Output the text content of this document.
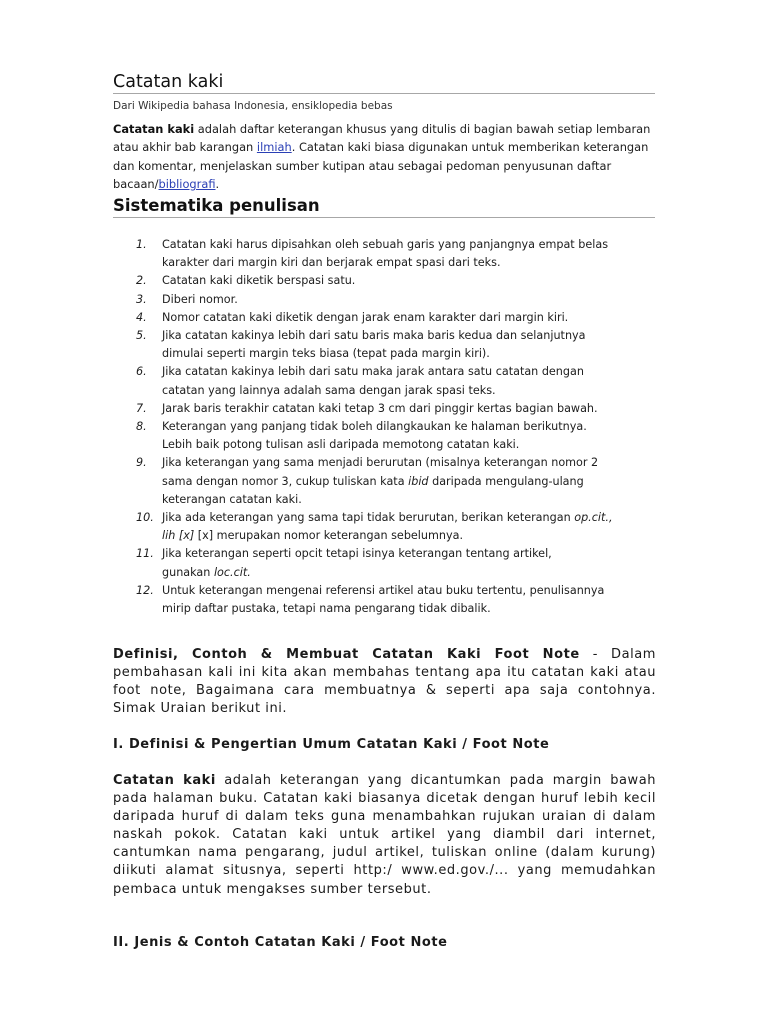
Catatan kaki
Dari Wikipedia bahasa Indonesia, ensiklopedia bebas
Catatan kaki adalah daftar keterangan khusus yang ditulis di bagian bawah setiap lembaran atau akhir bab karangan ilmiah. Catatan kaki biasa digunakan untuk memberikan keterangan dan komentar, menjelaskan sumber kutipan atau sebagai pedoman penyusunan daftar bacaan/bibliografi.
Sistematika penulisan
1.	Catatan kaki harus dipisahkan oleh sebuah garis yang panjangnya empat belas
karakter dari margin kiri dan berjarak empat spasi dari teks.
2.	Catatan kaki diketik berspasi satu.
3.	Diberi nomor.
4.	Nomor catatan kaki diketik dengan jarak enam karakter dari margin kiri.
5.	Jika catatan kakinya lebih dari satu baris maka baris kedua dan selanjutnya
dimulai seperti margin teks biasa (tepat pada margin kiri).
6.	Jika catatan kakinya lebih dari satu maka jarak antara satu catatan dengan
catatan yang lainnya adalah sama dengan jarak spasi teks.
7.	Jarak baris terakhir catatan kaki tetap 3 cm dari pinggir kertas bagian bawah.
8.	Keterangan yang panjang tidak boleh dilangkaukan ke halaman berikutnya.
Lebih baik potong tulisan asli daripada memotong catatan kaki.
9.	Jika keterangan yang sama menjadi berurutan (misalnya keterangan nomor 2
sama dengan nomor 3, cukup tuliskan kata ibid daripada mengulang-ulang
keterangan catatan kaki.
10. Jika ada keterangan yang sama tapi tidak berurutan, berikan keterangan op.cit.,
lih [x] [x] merupakan nomor keterangan sebelumnya.
11. Jika keterangan seperti opcit tetapi isinya keterangan tentang artikel,
gunakan loc.cit.
12. Untuk keterangan mengenai referensi artikel atau buku tertentu, penulisannya
mirip daftar pustaka, tetapi nama pengarang tidak dibalik.
Definisi, Contoh & Membuat Catatan Kaki Foot Note - Dalam pembahasan kali ini kita akan membahas tentang apa itu catatan kaki atau foot note, Bagaimana cara membuatnya & seperti apa saja contohnya. Simak Uraian berikut ini.
I. Definisi & Pengertian Umum Catatan Kaki / Foot Note
Catatan kaki adalah keterangan yang dicantumkan pada margin bawah pada halaman buku. Catatan kaki biasanya dicetak dengan huruf lebih kecil daripada huruf di dalam teks guna menambahkan rujukan uraian di dalam naskah pokok. Catatan kaki untuk artikel yang diambil dari internet, cantumkan nama pengarang, judul artikel, tuliskan online (dalam kurung) diikuti alamat situsnya, seperti http:/ www.ed.gov./... yang memudahkan pembaca untuk mengakses sumber tersebut.
II. Jenis & Contoh Catatan Kaki / Foot Note
